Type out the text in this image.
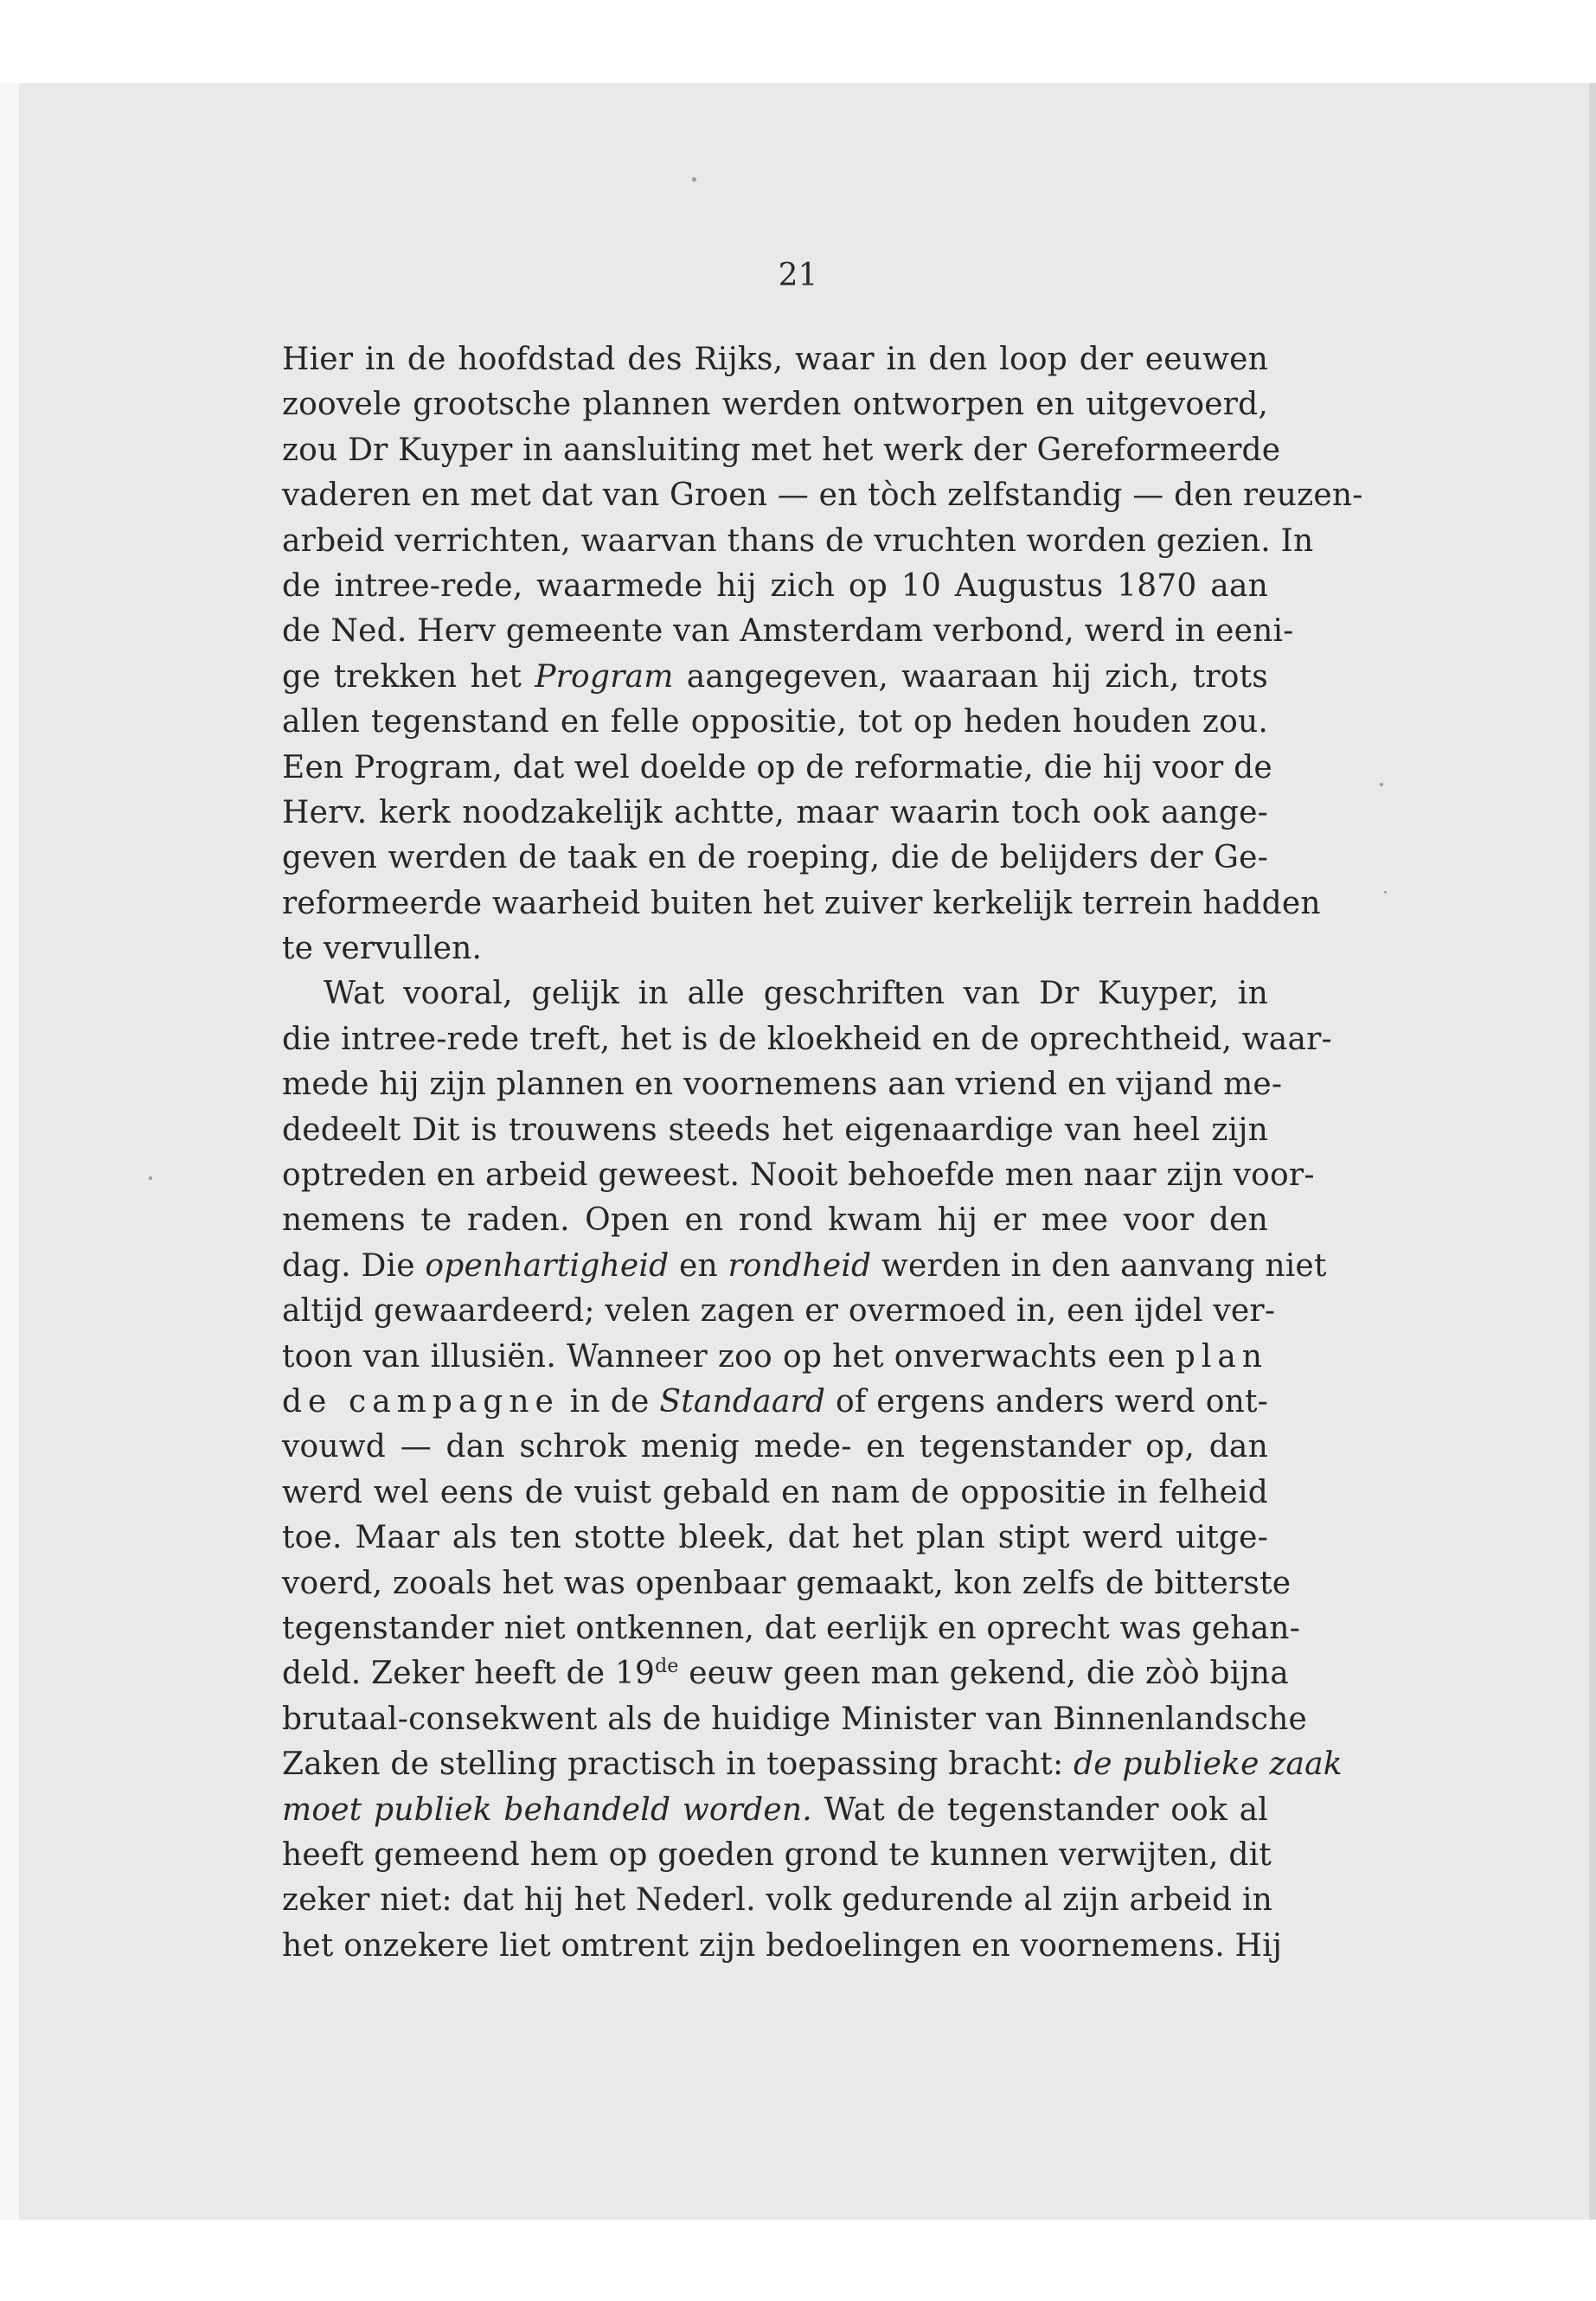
21

Hier in de hoofdstad des Rijks, waar in den loop der eeuwen
zoovele grootsche plannen werden ontworpen en uitgevoerd,
zou Dr Kuyper in aansluiting met het werk der Gereformeerde
vaderen en met dat van Groen — en tòch zelfstandig — den reuzen-
arbeid verrichten, waarvan thans de vruchten worden gezien. In
de intree-rede, waarmede hij zich op 10 Augustus 1870 aan
de Ned. Herv gemeente van Amsterdam verbond, werd in eeni-
ge trekken het Program aangegeven, waaraan hij zich, trots
allen tegenstand en felle oppositie, tot op heden houden zou.
Een Program, dat wel doelde op de reformatie, die hij voor de
Herv. kerk noodzakelijk achtte, maar waarin toch ook aange-
geven werden de taak en de roeping, die de belijders der Ge-
reformeerde waarheid buiten het zuiver kerkelijk terrein hadden
te vervullen.
Wat vooral, gelijk in alle geschriften van Dr Kuyper, in
die intree-rede treft, het is de kloekheid en de oprechtheid, waar-
mede hij zijn plannen en voornemens aan vriend en vijand me-
dedeelt Dit is trouwens steeds het eigenaardige van heel zijn
optreden en arbeid geweest. Nooit behoefde men naar zijn voor-
nemens te raden. Open en rond kwam hij er mee voor den
dag. Die openhartigheid en rondheid werden in den aanvang niet
altijd gewaardeerd; velen zagen er overmoed in, een ijdel ver-
toon van illusiën. Wanneer zoo op het onverwachts een plan
de campagne in de Standaard of ergens anders werd ont-
vouwd — dan schrok menig mede- en tegenstander op, dan
werd wel eens de vuist gebald en nam de oppositie in felheid
toe. Maar als ten stotte bleek, dat het plan stipt werd uitge-
voerd, zooals het was openbaar gemaakt, kon zelfs de bitterste
tegenstander niet ontkennen, dat eerlijk en oprecht was gehan-
deld. Zeker heeft de 19de eeuw geen man gekend, die zòò bijna
brutaal-consekwent als de huidige Minister van Binnenlandsche
Zaken de stelling practisch in toepassing bracht: de publieke zaak
moet publiek behandeld worden. Wat de tegenstander ook al
heeft gemeend hem op goeden grond te kunnen verwijten, dit
zeker niet: dat hij het Nederl. volk gedurende al zijn arbeid in
het onzekere liet omtrent zijn bedoelingen en voornemens. Hij
